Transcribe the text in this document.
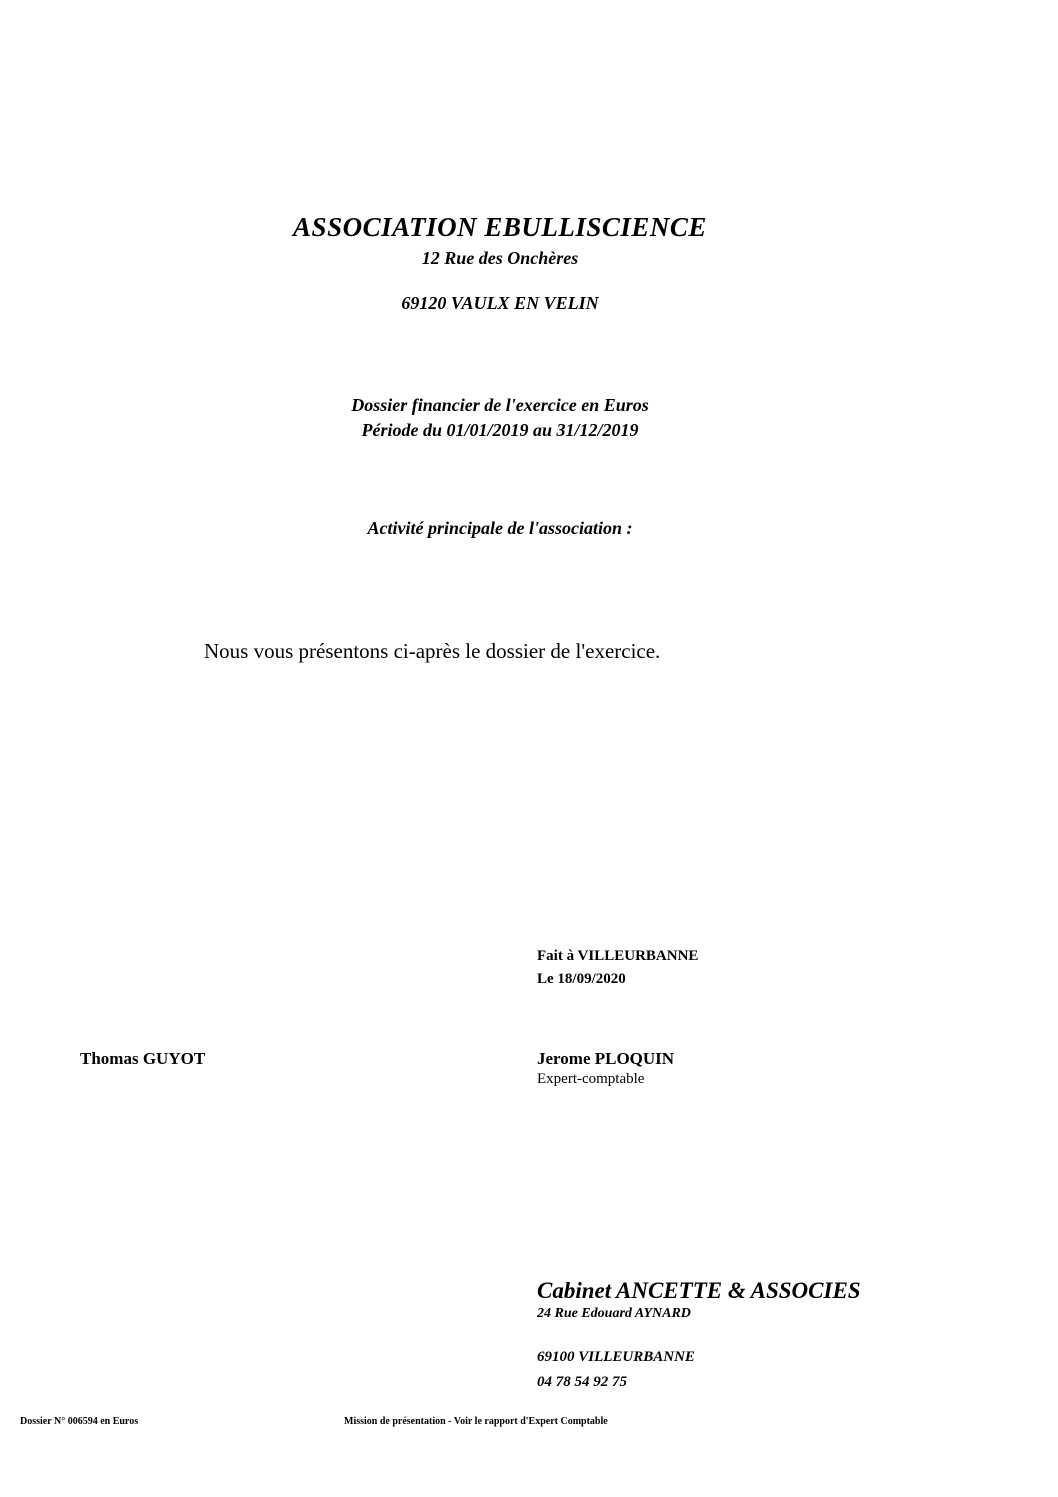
ASSOCIATION EBULLISCIENCE
12 Rue des Onchères
69120 VAULX EN VELIN
Dossier financier de l'exercice en Euros
Période du 01/01/2019 au 31/12/2019
Activité principale de l'association :
Nous vous présentons ci-après le dossier de l'exercice.
Fait à VILLEURBANNE
Le 18/09/2020
Thomas GUYOT	Jerome PLOQUIN
Expert-comptable
Cabinet ANCETTE & ASSOCIES
24 Rue Edouard AYNARD
69100 VILLEURBANNE
04 78 54 92 75
Dossier N° 006594 en Euros	Mission de présentation - Voir le rapport d'Expert Comptable
